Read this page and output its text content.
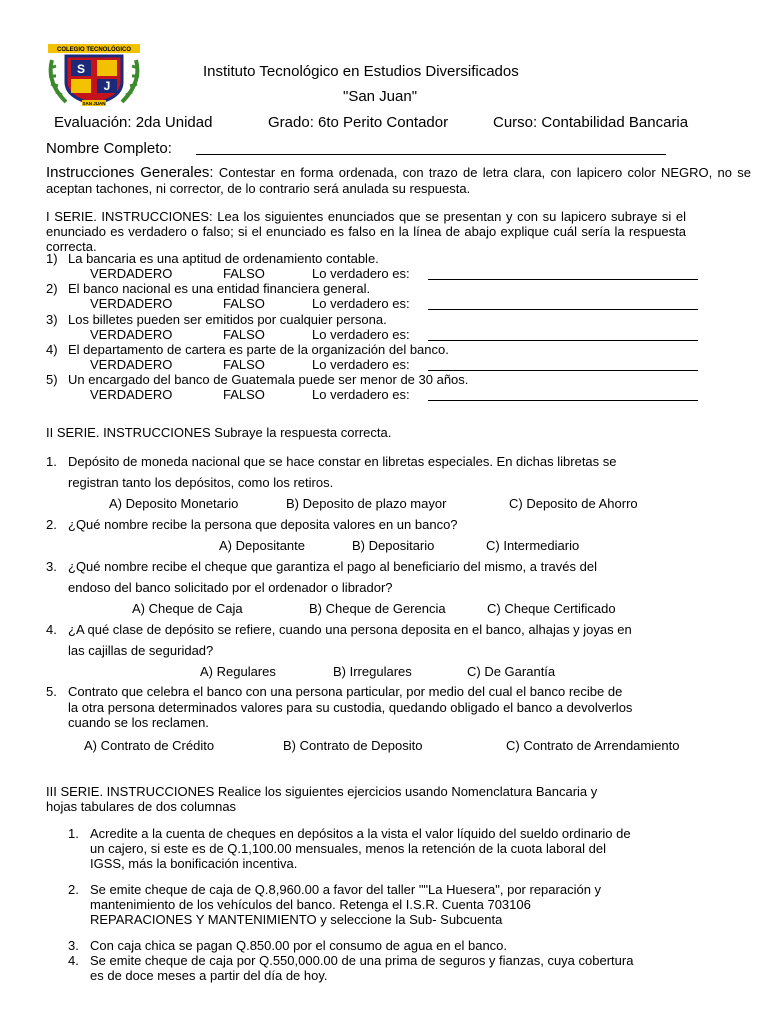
COLEGIO TECNOLÓGICO
S
J
SAN JUAN
Instituto Tecnológico en Estudios Diversificados
"San Juan"
Evaluación: 2da Unidad	Grado: 6to Perito Contador	Curso: Contabilidad Bancaria
Nombre Completo:
Instrucciones Generales: Contestar en forma ordenada, con trazo de letra clara, con lapicero color NEGRO, no se aceptan tachones, ni corrector, de lo contrario será anulada su respuesta.
I SERIE. INSTRUCCIONES: Lea los siguientes enunciados que se presentan y con su lapicero subraye si el enunciado es verdadero o falso; si el enunciado es falso en la línea de abajo explique cuál sería la respuesta correcta.
1) La bancaria es una aptitud de ordenamiento contable.
VERDADERO	FALSO	Lo verdadero es:
2) El banco nacional es una entidad financiera general.
VERDADERO	FALSO	Lo verdadero es:
3) Los billetes pueden ser emitidos por cualquier persona.
VERDADERO	FALSO	Lo verdadero es:
4) El departamento de cartera es parte de la organización del banco.
VERDADERO	FALSO	Lo verdadero es:
5) Un encargado del banco de Guatemala puede ser menor de 30 años.
VERDADERO	FALSO	Lo verdadero es:
II SERIE. INSTRUCCIONES Subraye la respuesta correcta.
1. Depósito de moneda nacional que se hace constar en libretas especiales. En dichas libretas se
registran tanto los depósitos, como los retiros.
A) Deposito Monetario	B) Deposito de plazo mayor	C) Deposito de Ahorro
2. ¿Qué nombre recibe la persona que deposita valores en un banco?
A) Depositante	B) Depositario	C) Intermediario
3. ¿Qué nombre recibe el cheque que garantiza el pago al beneficiario del mismo, a través del
endoso del banco solicitado por el ordenador o librador?
A) Cheque de Caja	B) Cheque de Gerencia	C) Cheque Certificado
4. ¿A qué clase de depósito se refiere, cuando una persona deposita en el banco, alhajas y joyas en
las cajillas de seguridad?
A) Regulares	B) Irregulares	C) De Garantía
5. Contrato que celebra el banco con una persona particular, por medio del cual el banco recibe de
la otra persona determinados valores para su custodia, quedando obligado el banco a devolverlos
cuando se los reclamen.
A) Contrato de Crédito	B) Contrato de Deposito	C) Contrato de Arrendamiento
III SERIE. INSTRUCCIONES Realice los siguientes ejercicios usando Nomenclatura Bancaria y
hojas tabulares de dos columnas
1. Acredite a la cuenta de cheques en depósitos a la vista el valor líquido del sueldo ordinario de
un cajero, si este es de Q.1,100.00 mensuales, menos la retención de la cuota laboral del
IGSS, más la bonificación incentiva.
2. Se emite cheque de caja de Q.8,960.00 a favor del taller ""La Huesera", por reparación y
mantenimiento de los vehículos del banco. Retenga el I.S.R. Cuenta 703106
REPARACIONES Y MANTENIMIENTO y seleccione la Sub- Subcuenta
3. Con caja chica se pagan Q.850.00 por el consumo de agua en el banco.
4. Se emite cheque de caja por Q.550,000.00 de una prima de seguros y fianzas, cuya cobertura
es de doce meses a partir del día de hoy.
